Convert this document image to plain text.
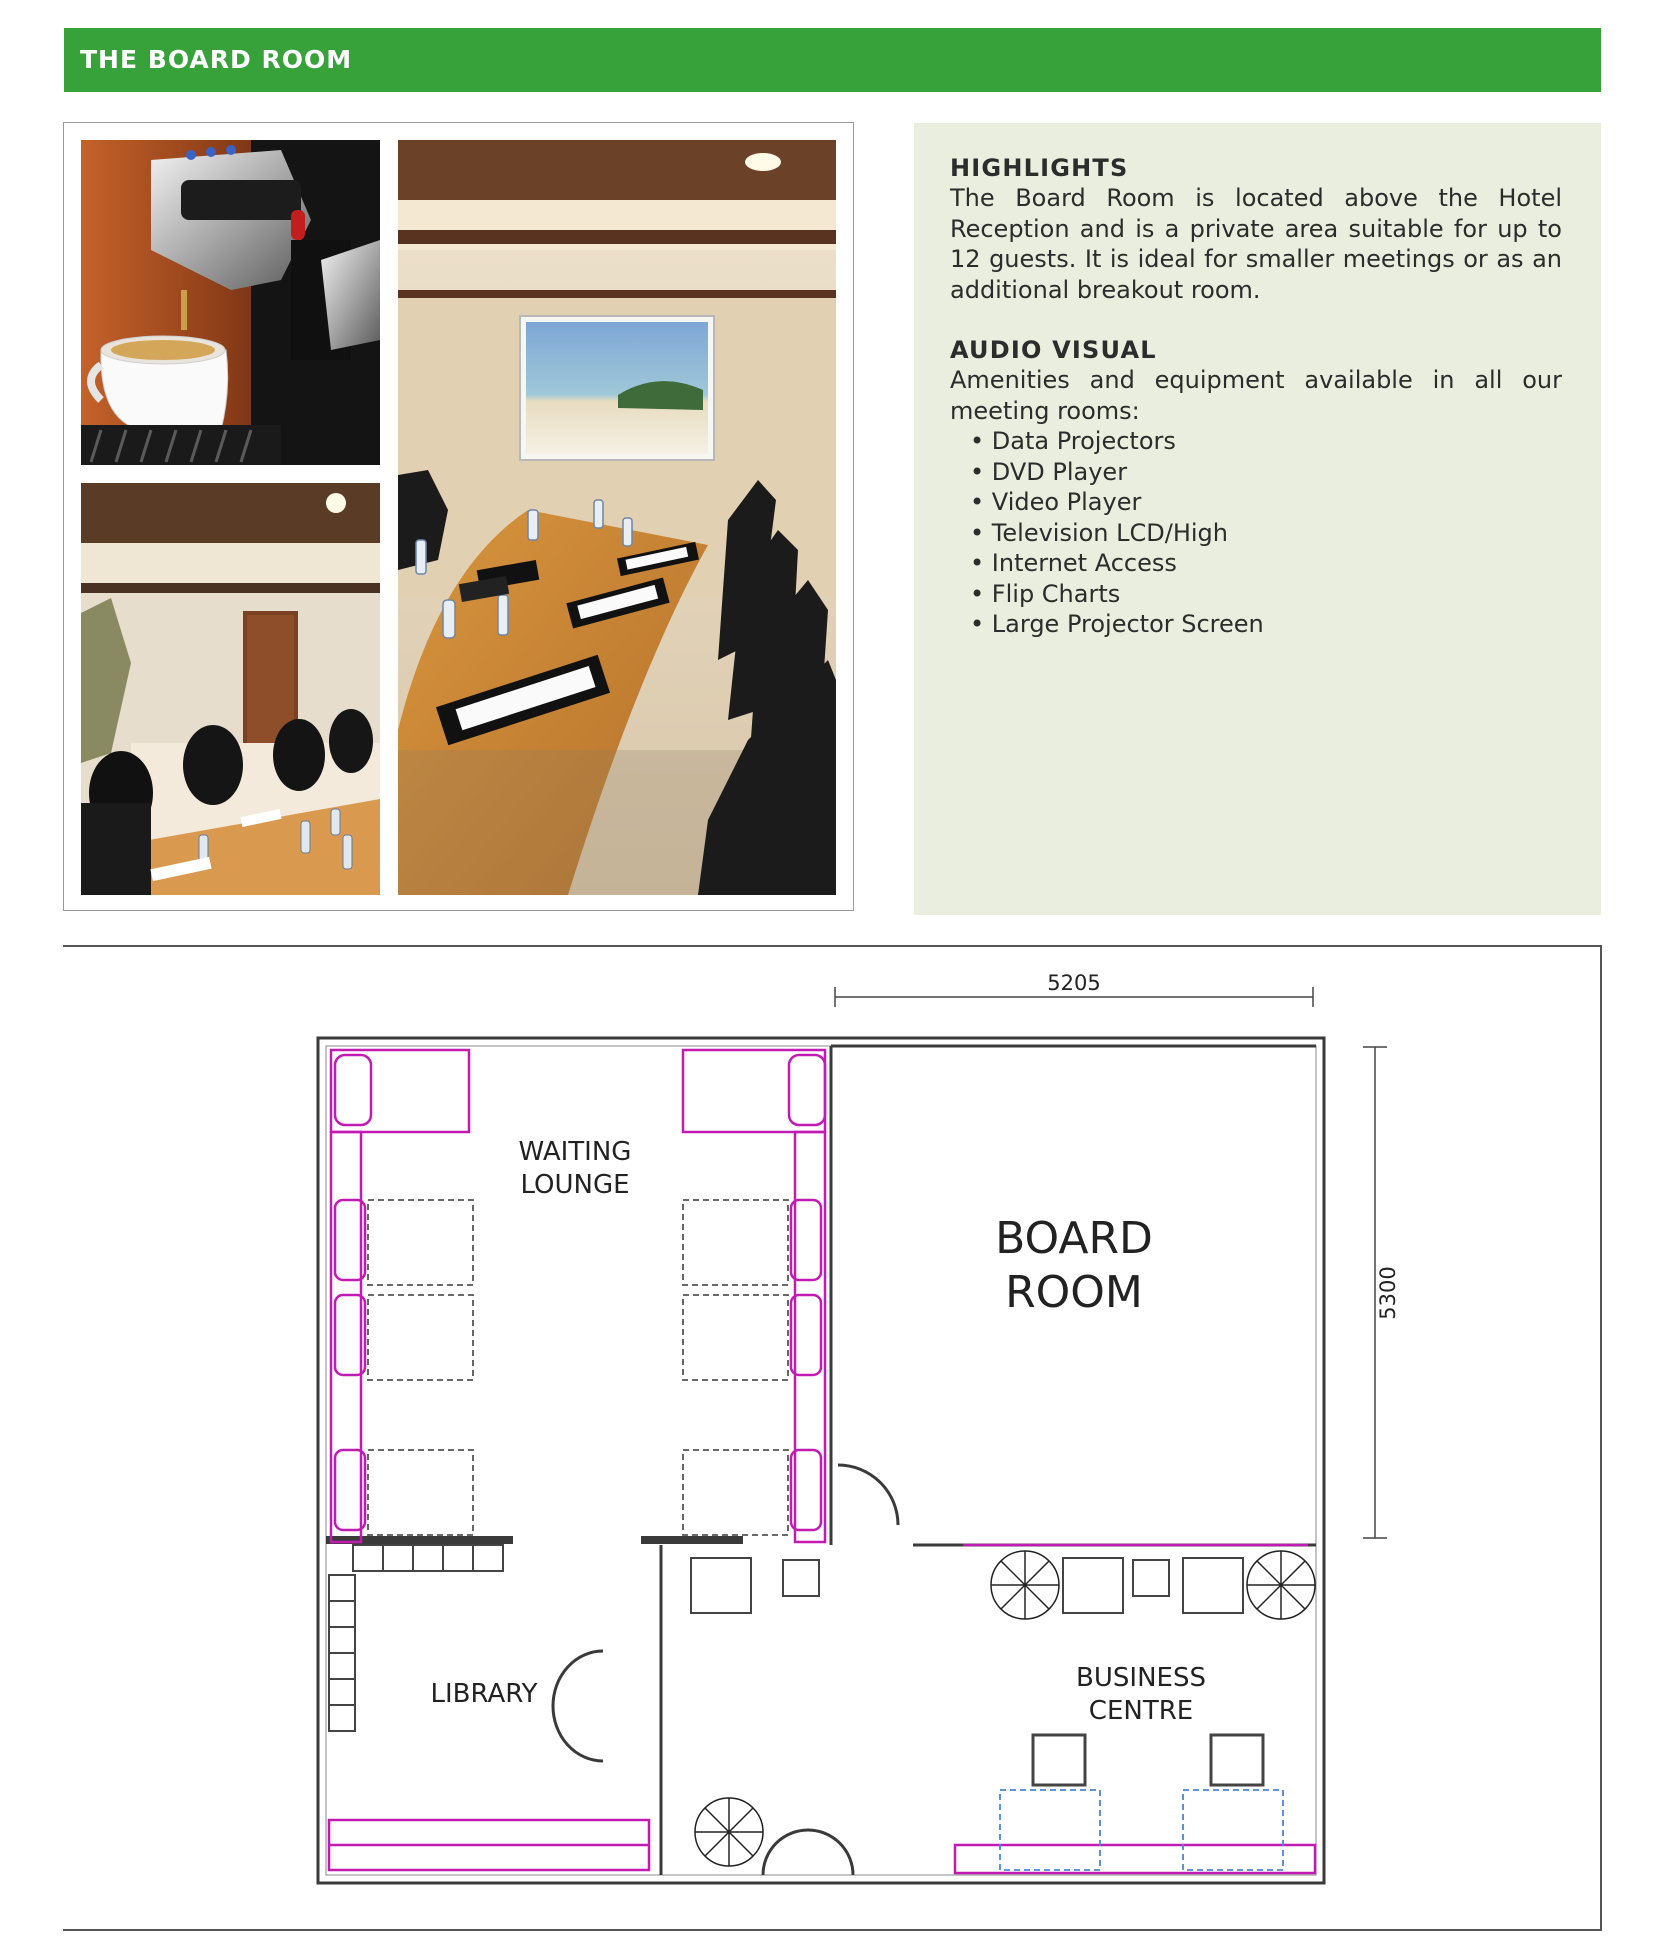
THE BOARD ROOM
HIGHLIGHTS

The Board Room is located above the Hotel Reception and is a private area suitable for up to 12 guests. It is ideal for smaller meetings or as an additional breakout room.

AUDIO VISUAL

Amenities and equipment available in all our meeting rooms:

• Data Projectors
• DVD Player
• Video Player
• Television LCD/High
• Internet Access
• Flip Charts
• Large Projector Screen
5205
5300
WAITING
LOUNGE
BOARD
ROOM
LIBRARY
BUSINESS
CENTRE
